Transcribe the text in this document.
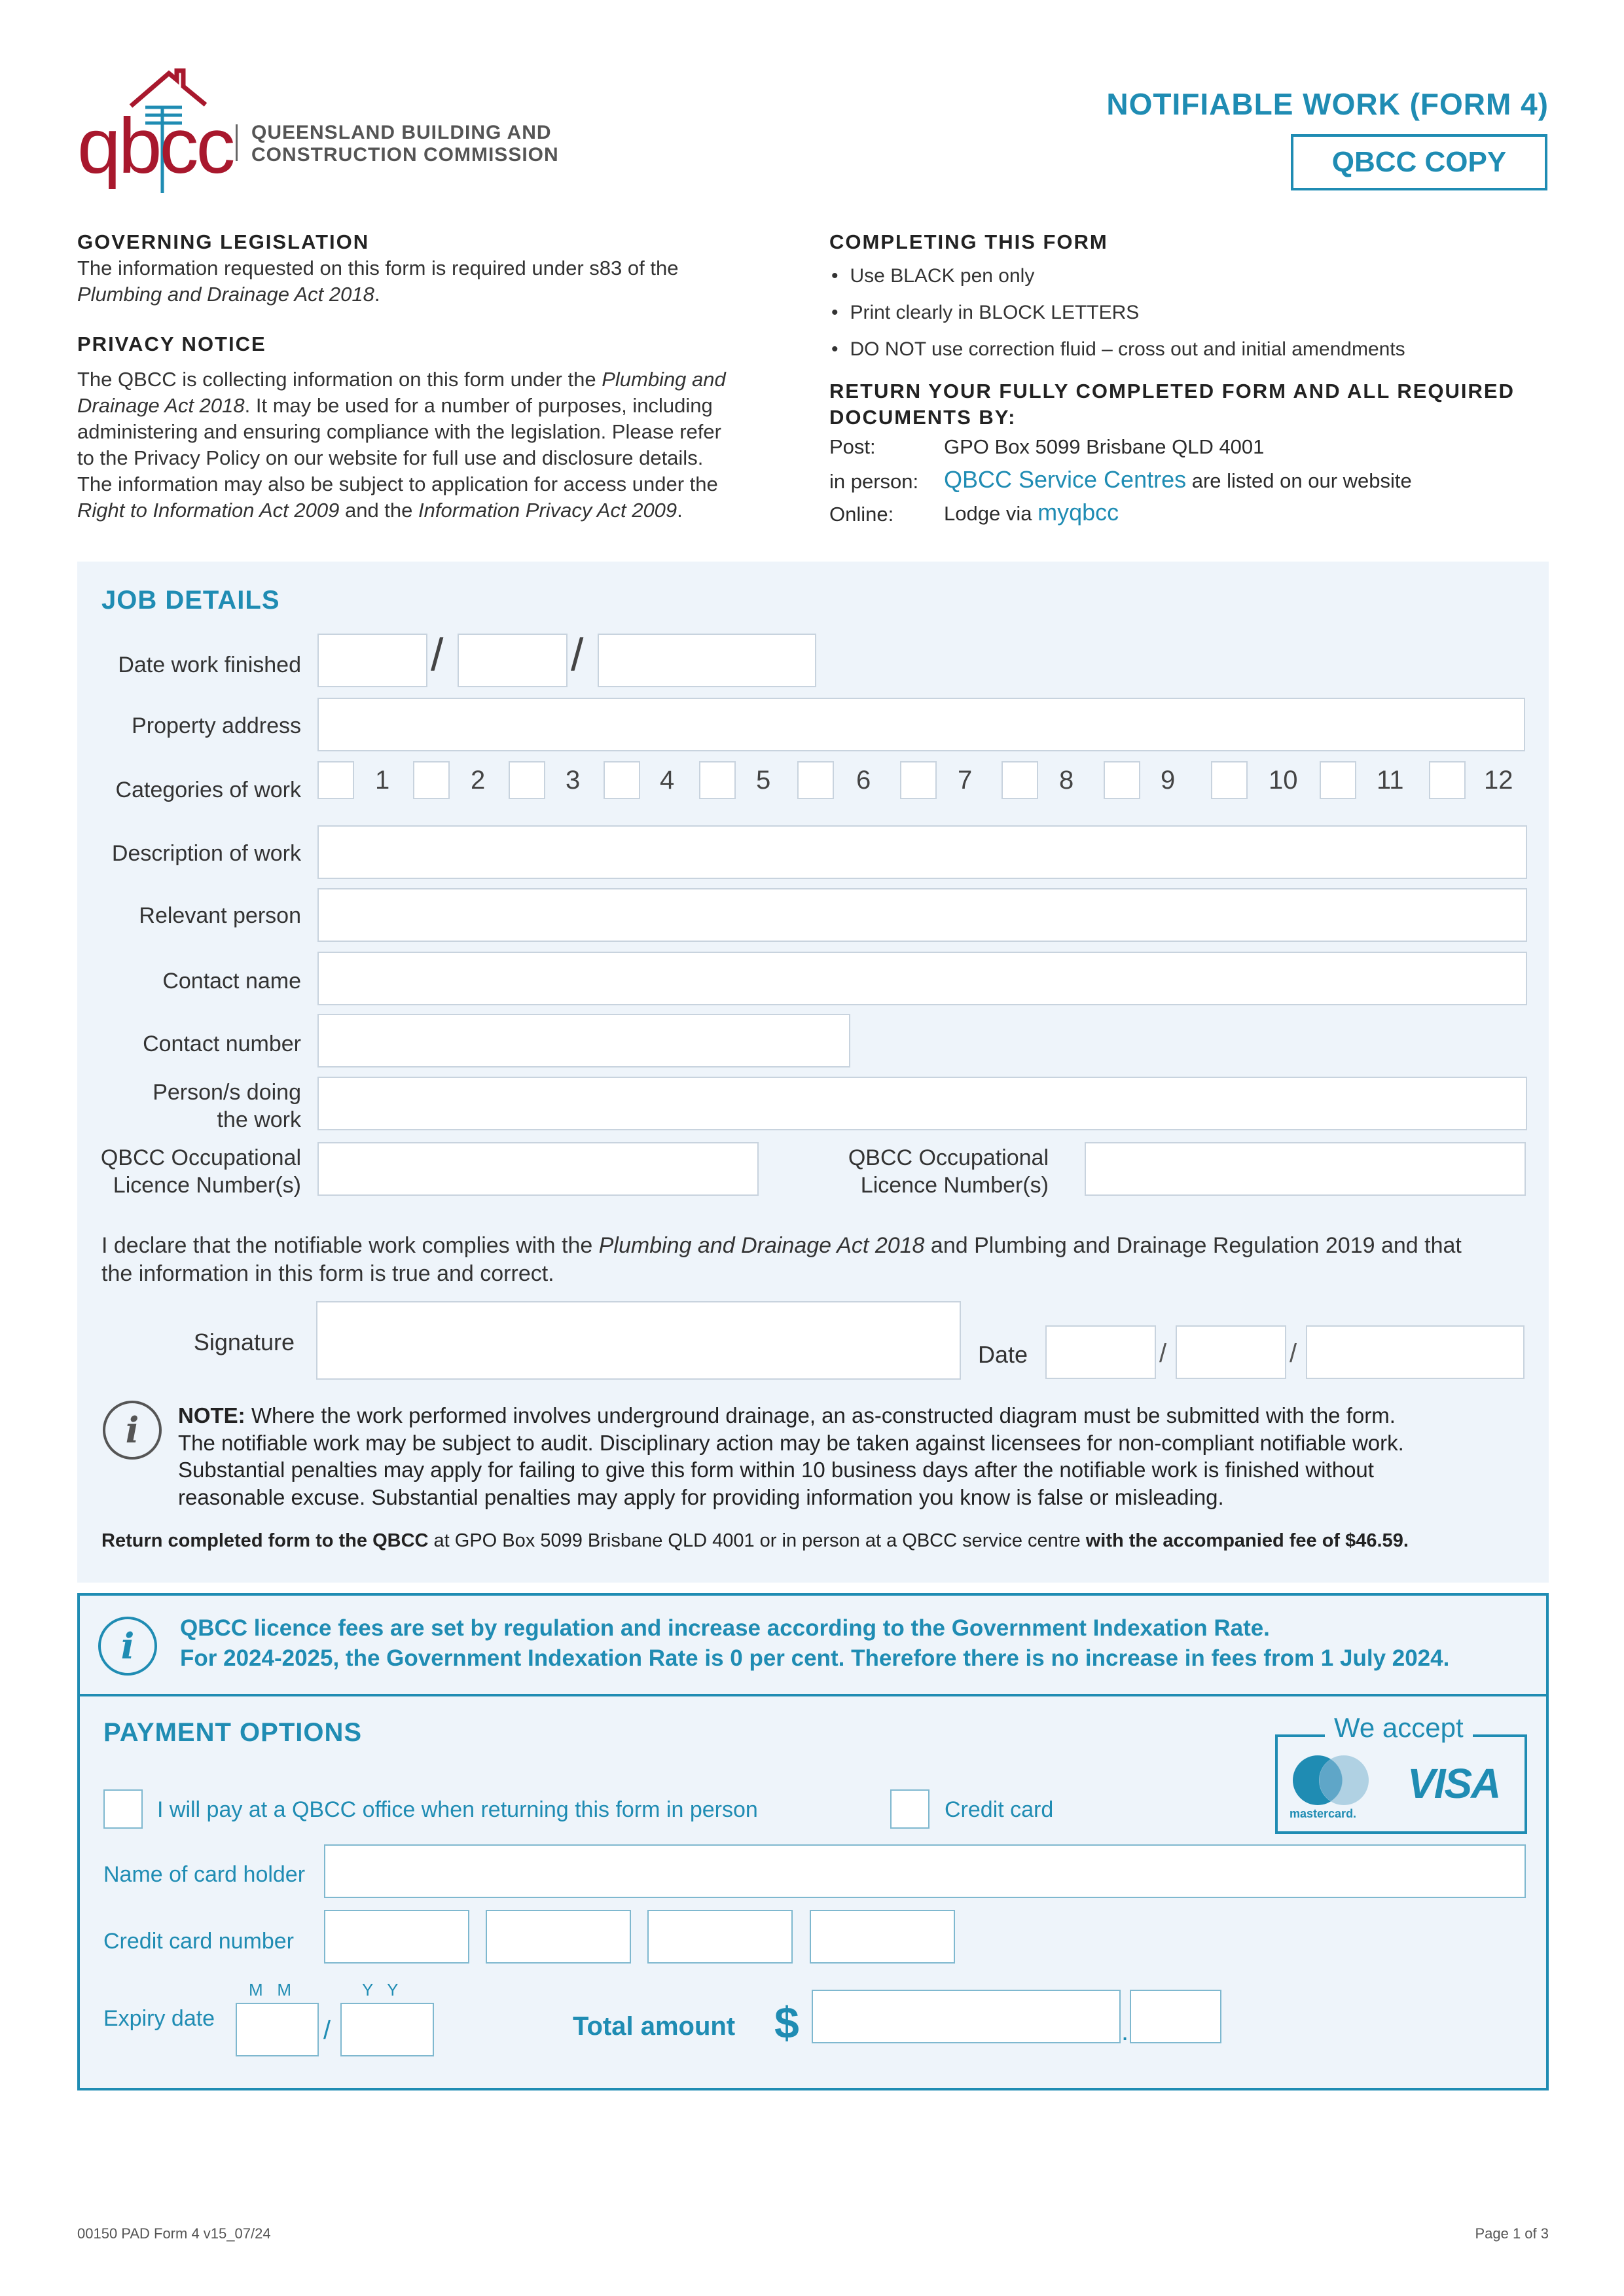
qbcc QUEENSLAND BUILDING AND
CONSTRUCTION COMMISSION
NOTIFIABLE WORK (FORM 4)
QBCC COPY
GOVERNING LEGISLATION
The information requested on this form is required under s83 of the
Plumbing and Drainage Act 2018.
PRIVACY NOTICE
The QBCC is collecting information on this form under the Plumbing and
Drainage Act 2018. It may be used for a number of purposes, including
administering and ensuring compliance with the legislation. Please refer
to the Privacy Policy on our website for full use and disclosure details.
The information may also be subject to application for access under the
Right to Information Act 2009 and the Information Privacy Act 2009.
COMPLETING THIS FORM
• Use BLACK pen only
• Print clearly in BLOCK LETTERS
• DO NOT use correction fluid – cross out and initial amendments
RETURN YOUR FULLY COMPLETED FORM AND ALL REQUIRED
DOCUMENTS BY:
Post:	GPO Box 5099 Brisbane QLD 4001
in person: QBCC Service Centres are listed on our website
Online: Lodge via myqbcc
JOB DETAILS
Date work finished	/	/
Property address
Categories of work	1	2	3	4	5	6	7	8	9	10	11	12
Description of work
Relevant person
Contact name
Contact number
Person/s doing
the work
QBCC Occupational
Licence Number(s)
QBCC Occupational
Licence Number(s)
I declare that the notifiable work complies with the Plumbing and Drainage Act 2018 and Plumbing and Drainage Regulation 2019 and that
the information in this form is true and correct.
Signature	Date	/	/
i NOTE: Where the work performed involves underground drainage, an as-constructed diagram must be submitted with the form.
The notifiable work may be subject to audit. Disciplinary action may be taken against licensees for non-compliant notifiable work.
Substantial penalties may apply for failing to give this form within 10 business days after the notifiable work is finished without
reasonable excuse. Substantial penalties may apply for providing information you know is false or misleading.
Return completed form to the QBCC at GPO Box 5099 Brisbane QLD 4001 or in person at a QBCC service centre with the accompanied fee of $46.59.
i QBCC licence fees are set by regulation and increase according to the Government Indexation Rate.
For 2024-2025, the Government Indexation Rate is 0 per cent. Therefore there is no increase in fees from 1 July 2024.
PAYMENT OPTIONS	We accept
mastercard.
VISA
I will pay at a QBCC office when returning this form in person	Credit card
Name of card holder
Credit card number
Expiry date
M   M	Y   Y
/	Total amount $	.
00150 PAD Form 4 v15_07/24	Page 1 of 3
